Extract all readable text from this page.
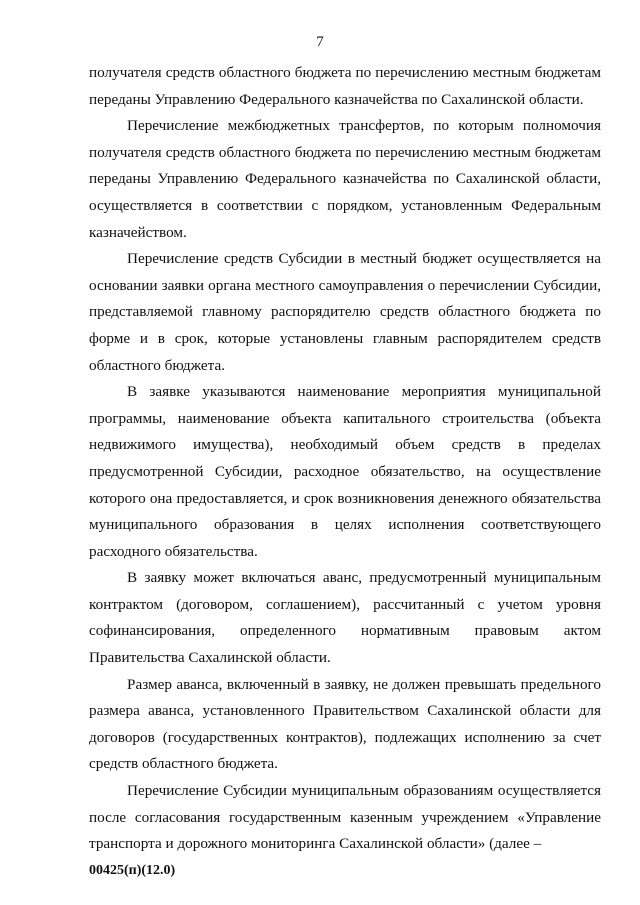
7

получателя средств областного бюджета по перечислению местным бюджетам переданы Управлению Федерального казначейства по Сахалинской области.

Перечисление межбюджетных трансфертов, по которым полномочия получателя средств областного бюджета по перечислению местным бюджетам переданы Управлению Федерального казначейства по Сахалинской области, осуществляется в соответствии с порядком, установленным Федеральным казначейством.

Перечисление средств Субсидии в местный бюджет осуществляется на основании заявки органа местного самоуправления о перечислении Субсидии, представляемой главному распорядителю средств областного бюджета по форме и в срок, которые установлены главным распорядителем средств областного бюджета.

В заявке указываются наименование мероприятия муниципальной программы, наименование объекта капитального строительства (объекта недвижимого имущества), необходимый объем средств в пределах предусмотренной Субсидии, расходное обязательство, на осуществление которого она предоставляется, и срок возникновения денежного обязательства муниципального образования в целях исполнения соответствующего расходного обязательства.

В заявку может включаться аванс, предусмотренный муниципальным контрактом (договором, соглашением), рассчитанный с учетом уровня софинансирования, определенного нормативным правовым актом Правительства Сахалинской области.

Размер аванса, включенный в заявку, не должен превышать предельного размера аванса, установленного Правительством Сахалинской области для договоров (государственных контрактов), подлежащих исполнению за счет средств областного бюджета.

Перечисление Субсидии муниципальным образованиям осуществляется после согласования государственным казенным учреждением «Управление транспорта и дорожного мониторинга Сахалинской области» (далее –

00425(п)(12.0)
